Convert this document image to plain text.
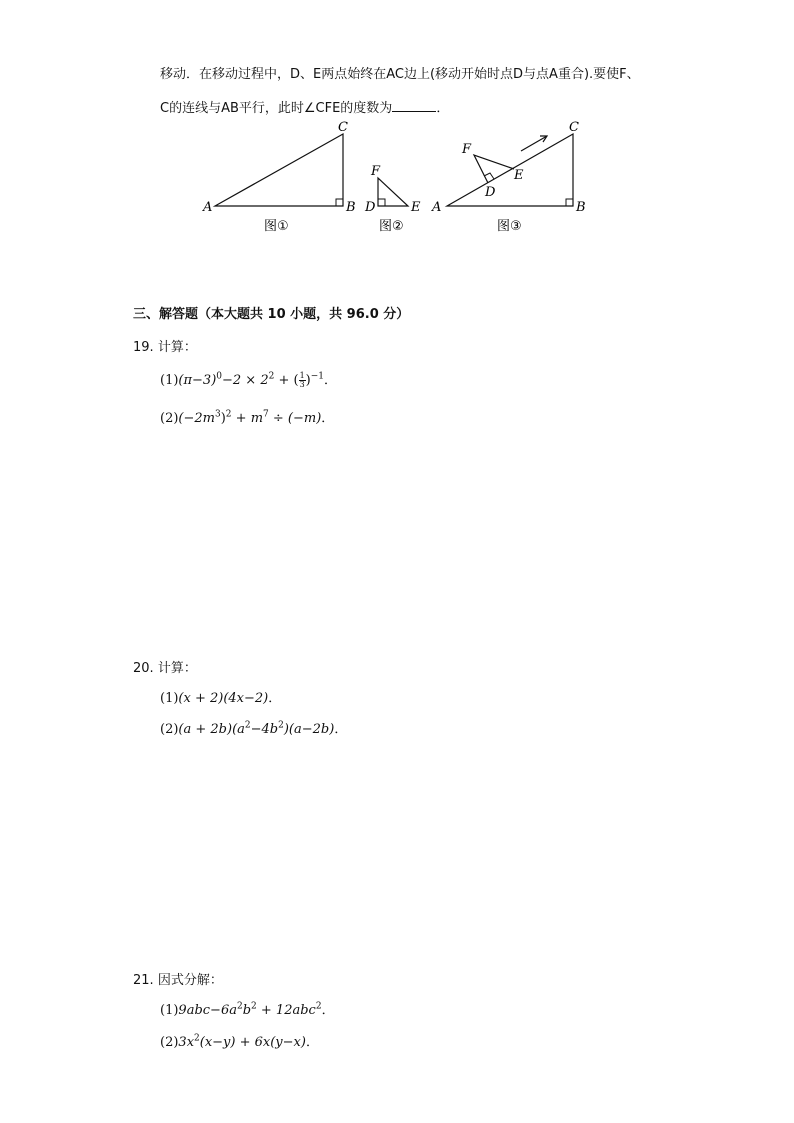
移动．在移动过程中，D、E两点始终在AC边上(移动开始时点D与点A重合).要使F、
C的连线与AB平行，此时∠CFE的度数为	．
A	B
C
图①
F
D	E
图②
F
D
E
A	B
C
图③
三、解答题（本大题共 10 小题，共 96.0 分）
19. 计算：
$(1)(\pi-3)^0-2 \times 2^2$ + ( $\frac{1}{3} )^{-1}$．
$(2)(-2m^3)^2 + m^7 \div (-m)$．
20. 计算：
(1)(x + 2)(4x−2)．
$(2)(a + 2b)(a^2-4b^2)(a-2b)$．
21. 因式分解：
$(1)9abc-6a^2b^2 + 12abc^2$．
$(2)3x^2(x-y) + 6x(y-x)$．
